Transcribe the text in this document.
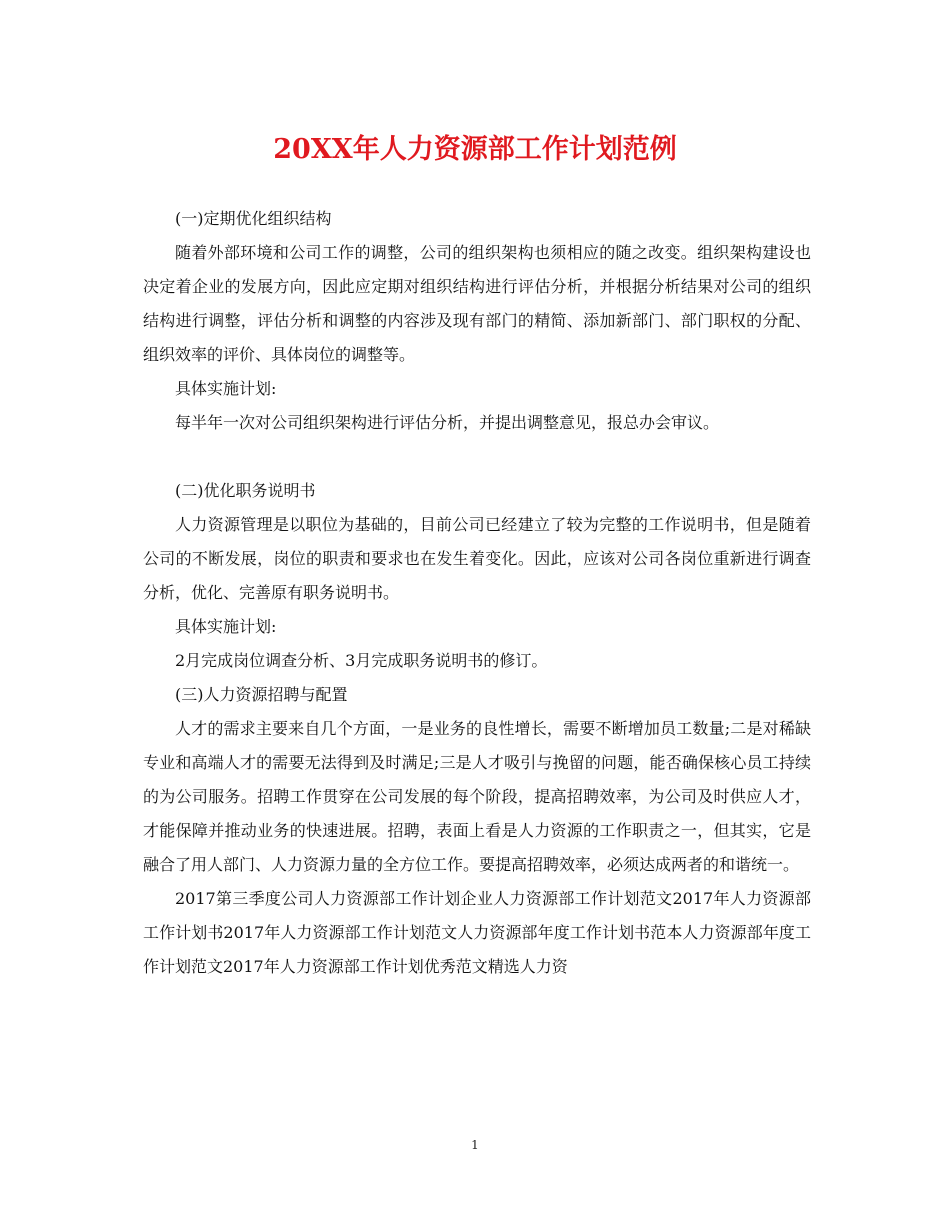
20XX年人力资源部工作计划范例

(一)定期优化组织结构

随着外部环境和公司工作的调整，公司的组织架构也须相应的随之改变。组织架构建设也决定着企业的发展方向，因此应定期对组织结构进行评估分析，并根据分析结果对公司的组织结构进行调整，评估分析和调整的内容涉及现有部门的精简、添加新部门、部门职权的分配、组织效率的评价、具体岗位的调整等。

具体实施计划:

每半年一次对公司组织架构进行评估分析，并提出调整意见，报总办会审议。

(二)优化职务说明书

人力资源管理是以职位为基础的，目前公司已经建立了较为完整的工作说明书，但是随着公司的不断发展，岗位的职责和要求也在发生着变化。因此，应该对公司各岗位重新进行调查分析，优化、完善原有职务说明书。

具体实施计划:

2月完成岗位调查分析、3月完成职务说明书的修订。

(三)人力资源招聘与配置

人才的需求主要来自几个方面，一是业务的良性增长，需要不断增加员工数量;二是对稀缺专业和高端人才的需要无法得到及时满足;三是人才吸引与挽留的问题，能否确保核心员工持续的为公司服务。招聘工作贯穿在公司发展的每个阶段，提高招聘效率，为公司及时供应人才，才能保障并推动业务的快速进展。招聘，表面上看是人力资源的工作职责之一，但其实，它是融合了用人部门、人力资源力量的全方位工作。要提高招聘效率，必须达成两者的和谐统一。

2017第三季度公司人力资源部工作计划企业人力资源部工作计划范文2017年人力资源部工作计划书2017年人力资源部工作计划范文人力资源部年度工作计划书范本人力资源部年度工作计划范文2017年人力资源部工作计划优秀范文精选人力资

1
